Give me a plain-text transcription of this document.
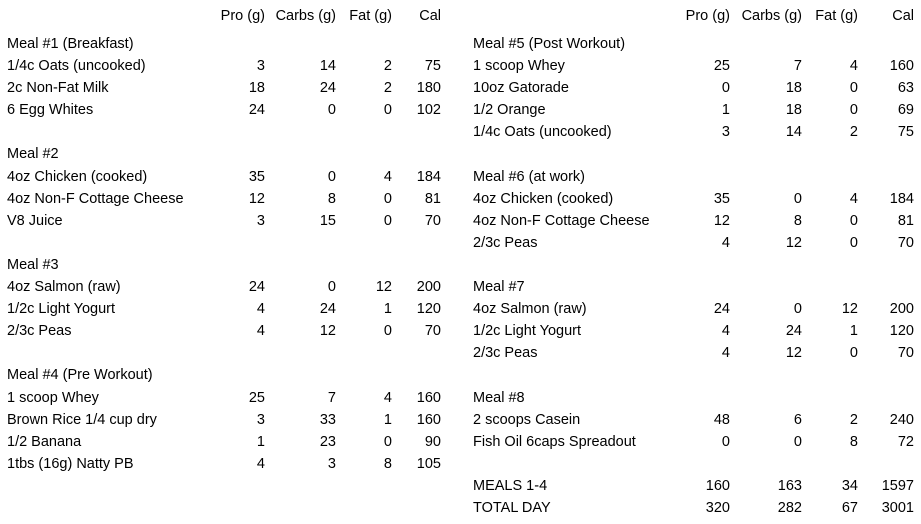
Pro (g) Carbs (g) Fat (g) Cal
Meal #1 (Breakfast)
1/4c Oats (uncooked)	3	14	2 75
2c Non-Fat Milk	18	24	2 180
6 Egg Whites	24	0	0 102
Meal #2
4oz Chicken (cooked)	35	0	4 184
4oz Non-F Cottage Cheese	12	8	0 81
V8 Juice	3	15	0 70
Meal #3
4oz Salmon (raw)	24	0	12 200
1/2c Light Yogurt	4	24	1 120
2/3c Peas	4	12	0 70
Meal #4 (Pre Workout)
1 scoop Whey	25	7	4 160
Brown Rice 1/4 cup dry	3	33	1 160
1/2 Banana	1	23	0 90
1tbs (16g) Natty PB	4	3	8 105
Pro (g) Carbs (g) Fat (g) Cal
Meal #5 (Post Workout)
1 scoop Whey	25	7	4 160
10oz Gatorade	0	18	0	63
1/2 Orange	1	18	0	69
1/4c Oats (uncooked)	3	14	2	75
Meal #6 (at work)
4oz Chicken (cooked)	35	0	4 184
4oz Non-F Cottage Cheese	12	8	0	81
2/3c Peas	4	12	0	70
Meal #7
4oz Salmon (raw)	24	0	12 200
1/2c Light Yogurt	4	24	1 120
2/3c Peas	4	12	0	70
Meal #8
2 scoops Casein	48	6	2 240
Fish Oil 6caps Spreadout	0	0	8	72
MEALS 1-4	160	163	34 1597
TOTAL DAY	320	282	67 3001
